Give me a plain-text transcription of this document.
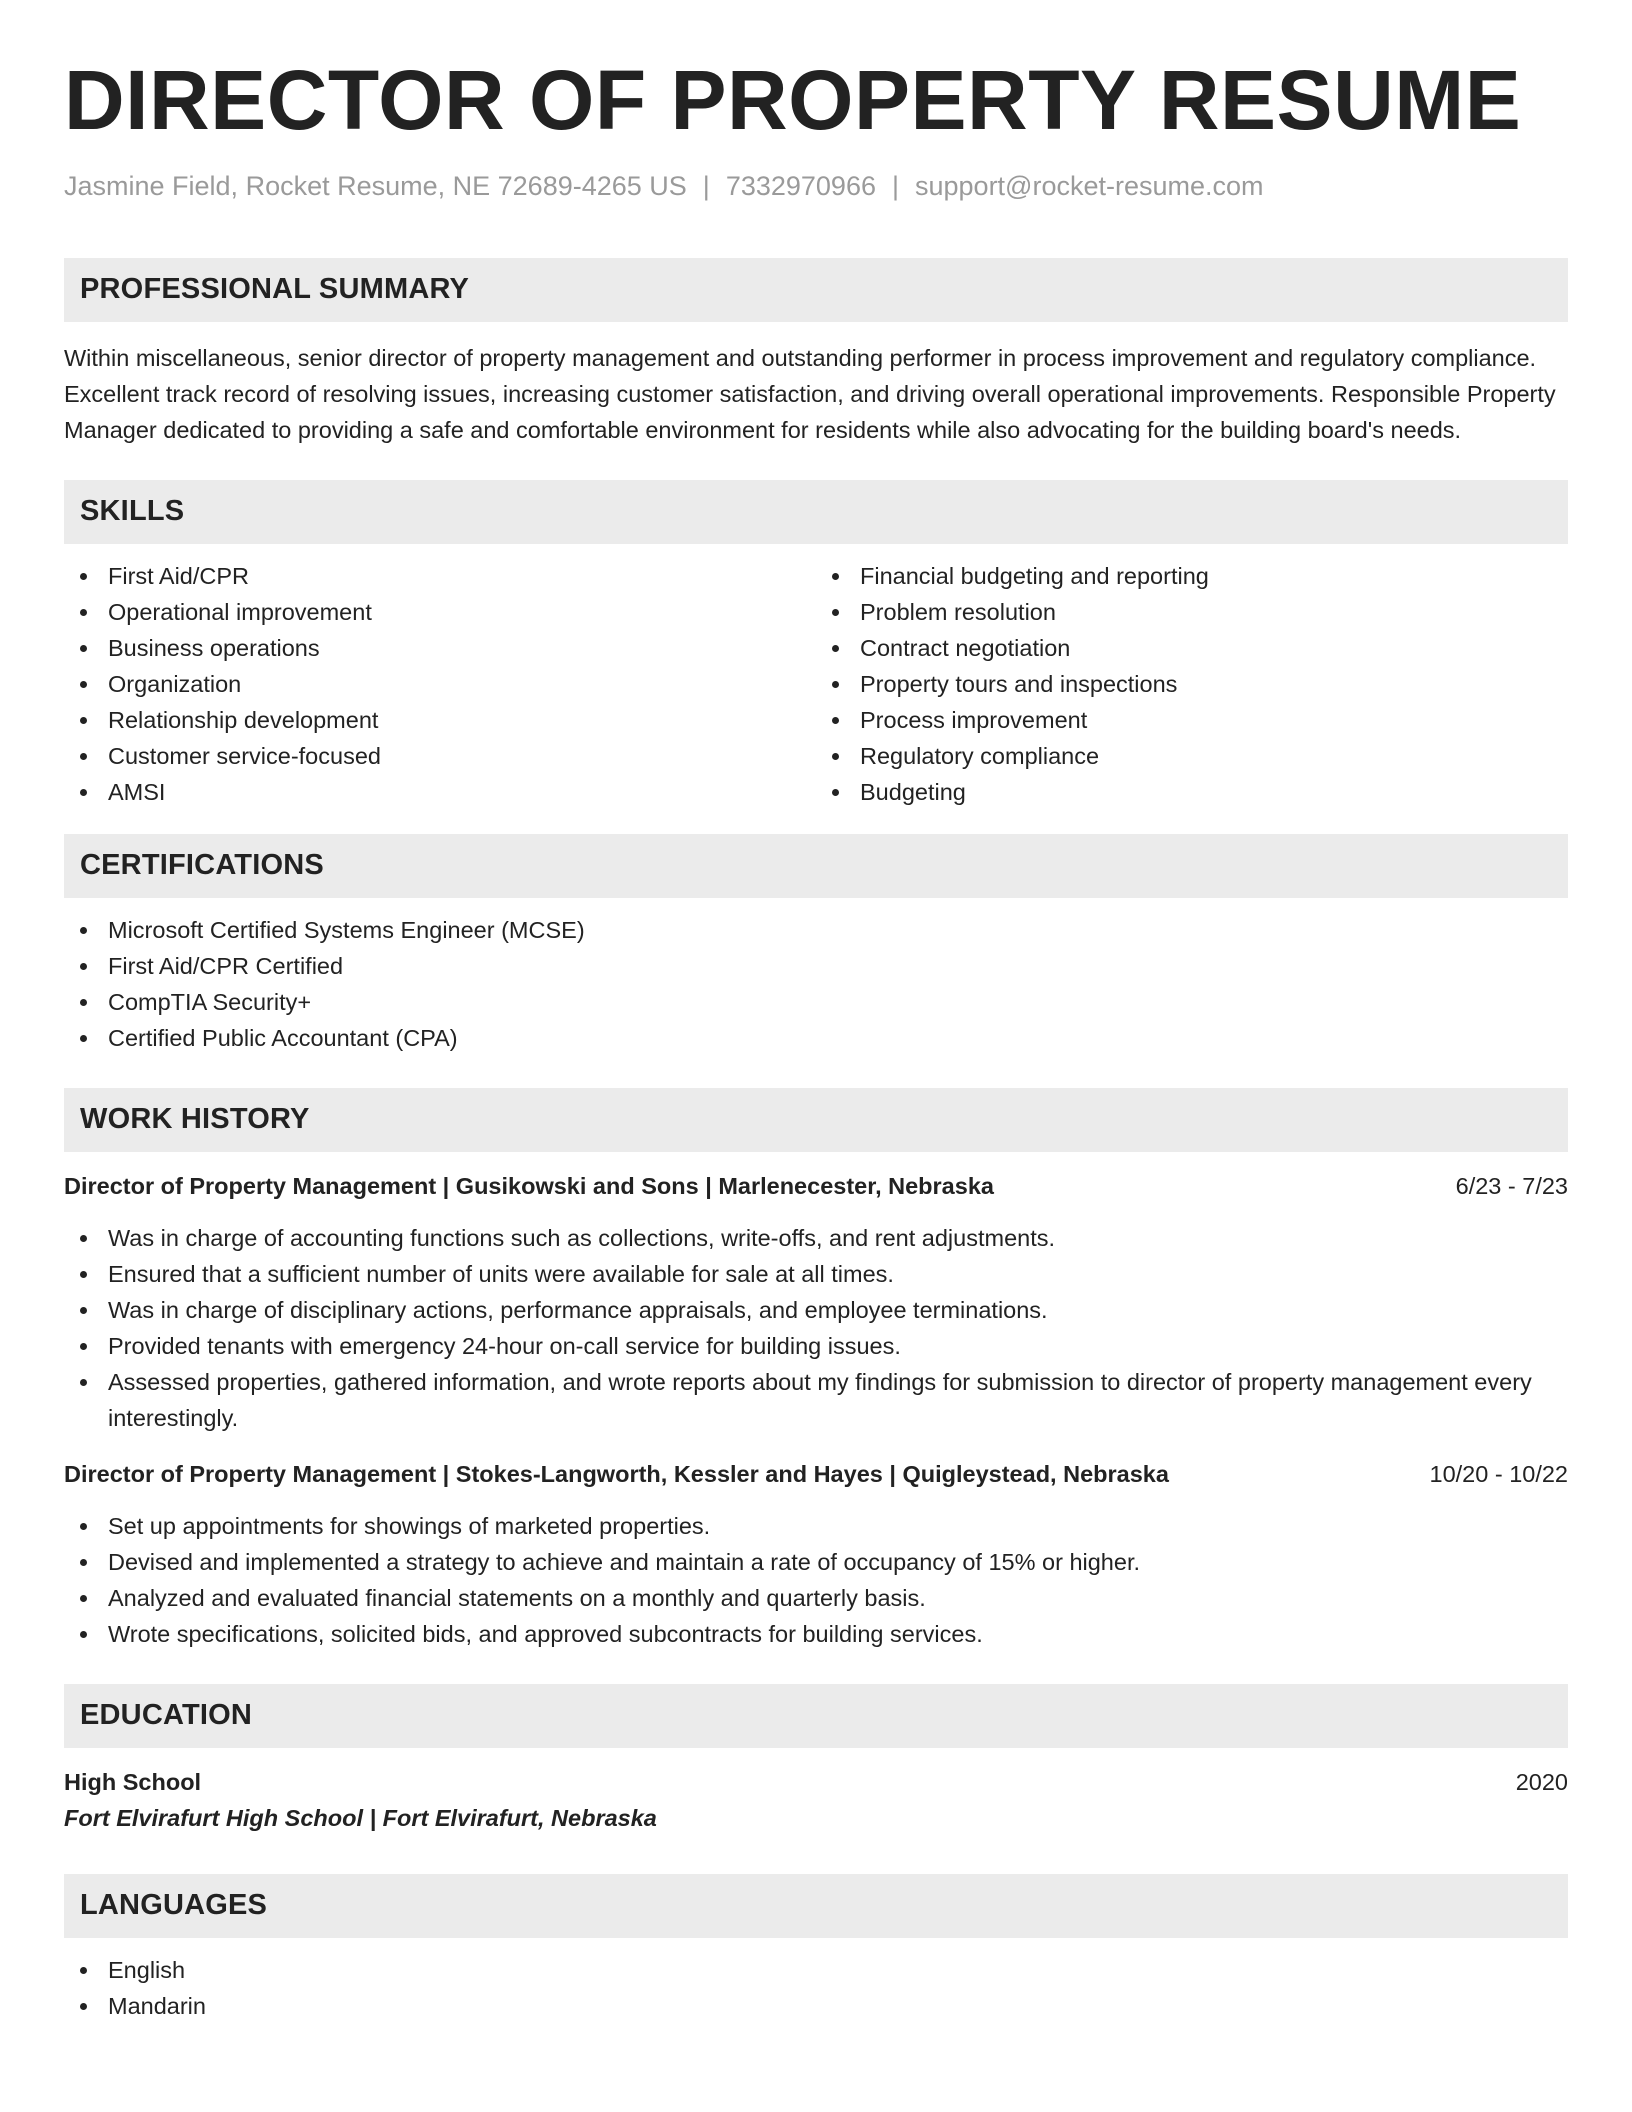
DIRECTOR OF PROPERTY RESUME
Jasmine Field, Rocket Resume, NE 72689-4265 US | 7332970966 | support@rocket-resume.com
PROFESSIONAL SUMMARY

Within miscellaneous, senior director of property management and outstanding performer in process improvement and regulatory compliance. Excellent track record of resolving issues, increasing customer satisfaction, and driving overall operational improvements. Responsible Property Manager dedicated to providing a safe and comfortable environment for residents while also advocating for the building board's needs.

SKILLS
First Aid/CPR
Operational improvement
Business operations
Organization
Relationship development
Customer service-focused
AMSI
Financial budgeting and reporting
Problem resolution
Contract negotiation
Property tours and inspections
Process improvement
Regulatory compliance
Budgeting
CERTIFICATIONS
Microsoft Certified Systems Engineer (MCSE)
First Aid/CPR Certified
CompTIA Security+
Certified Public Accountant (CPA)
WORK HISTORY
Director of Property Management | Gusikowski and Sons | Marlenecester, Nebraska	6/23 - 7/23
Was in charge of accounting functions such as collections, write-offs, and rent adjustments.
Ensured that a sufficient number of units were available for sale at all times.
Was in charge of disciplinary actions, performance appraisals, and employee terminations.
Provided tenants with emergency 24-hour on-call service for building issues.
Assessed properties, gathered information, and wrote reports about my findings for submission to director of property management every interestingly.
Director of Property Management | Stokes-Langworth, Kessler and Hayes | Quigleystead, Nebraska	10/20 - 10/22
Set up appointments for showings of marketed properties.
Devised and implemented a strategy to achieve and maintain a rate of occupancy of 15% or higher.
Analyzed and evaluated financial statements on a monthly and quarterly basis.
Wrote specifications, solicited bids, and approved subcontracts for building services.
EDUCATION
High School	2020
Fort Elvirafurt High School | Fort Elvirafurt, Nebraska
LANGUAGES
English
Mandarin
